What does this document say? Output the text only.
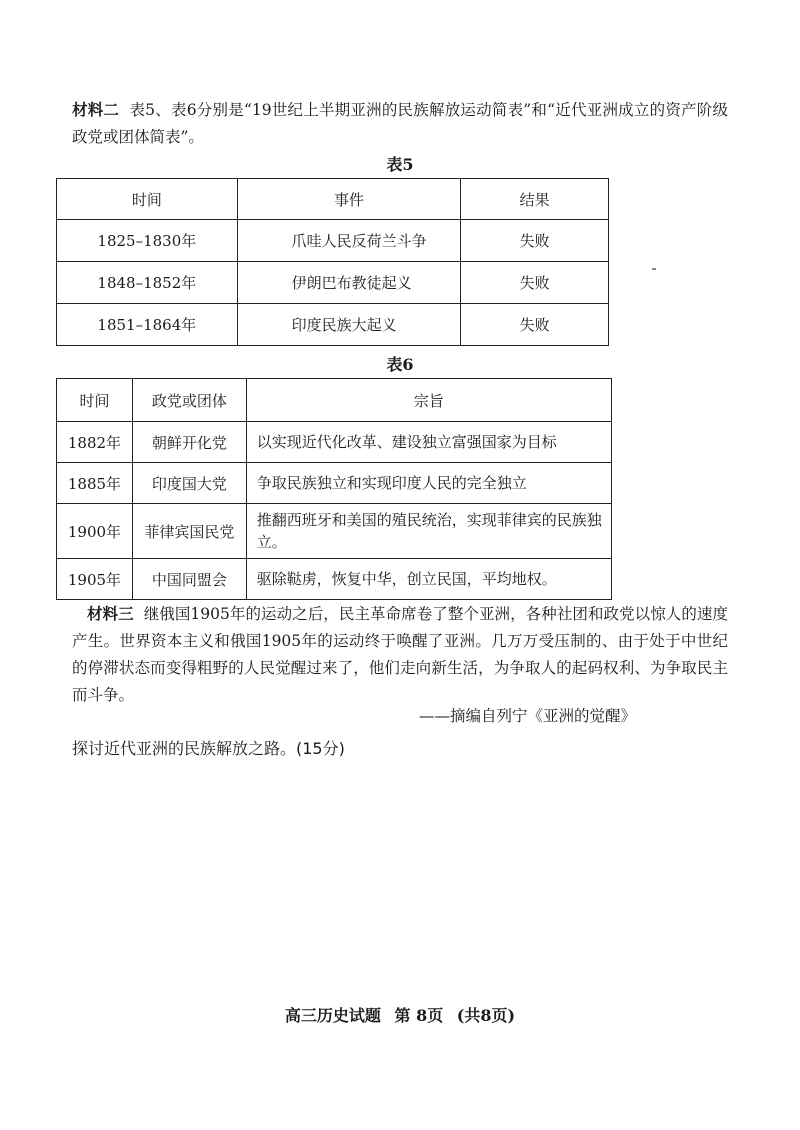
材料二 表5、表6分别是“19世纪上半期亚洲的民族解放运动简表”和“近代亚洲成立的资产阶级政党或团体简表”。

表5
时间	事件	结果
1825–1830年	爪哇人民反荷兰斗争	失败
1848–1852年	伊朗巴布教徒起义	失败
1851–1864年	印度民族大起义	失败
表6
时间	政党或团体	宗旨
1882年	朝鲜开化党	以实现近代化改革、建设独立富强国家为目标
1885年	印度国大党	争取民族独立和实现印度人民的完全独立
1900年	菲律宾国民党	推翻西班牙和美国的殖民统治，实现菲律宾的民族独立。
1905年	中国同盟会	驱除鞑虏，恢复中华，创立民国，平均地权。

材料三 继俄国1905年的运动之后，民主革命席卷了整个亚洲，各种社团和政党以惊人的速度产生。世界资本主义和俄国1905年的运动终于唤醒了亚洲。几万万受压制的、由于处于中世纪的停滞状态而变得粗野的人民觉醒过来了，他们走向新生活，为争取人的起码权利、为争取民主而斗争。

——摘编自列宁《亚洲的觉醒》
探讨近代亚洲的民族解放之路。(15分)
高三历史试题 第 8页 (共8页)
